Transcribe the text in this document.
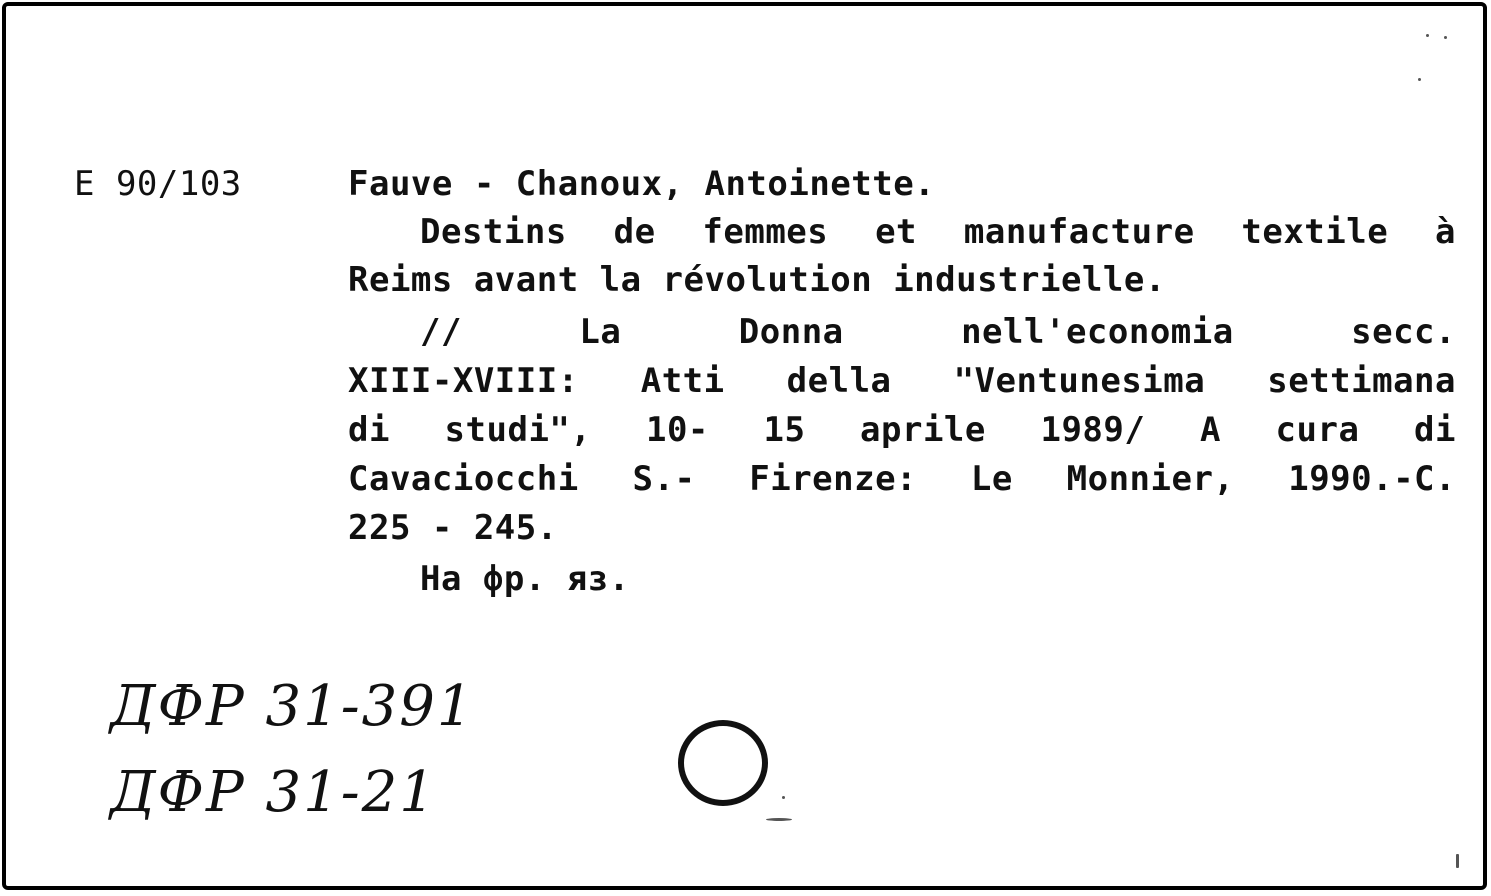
E 90/103	Fauve - Chanoux, Antoinette.
Destins de femmes et manufacture textile à
Reims avant la révolution industrielle.
// La Donna nell'economia secc.
XIII-XVIII: Atti della "Ventunesima settimana
di studi", 10- 15 aprile 1989/ A cura di
Cavaciocchi S.- Firenze: Le Monnier, 1990.-C.
225 - 245.
На фр. яз.
ДФР 31-391
ДФР 31-21
